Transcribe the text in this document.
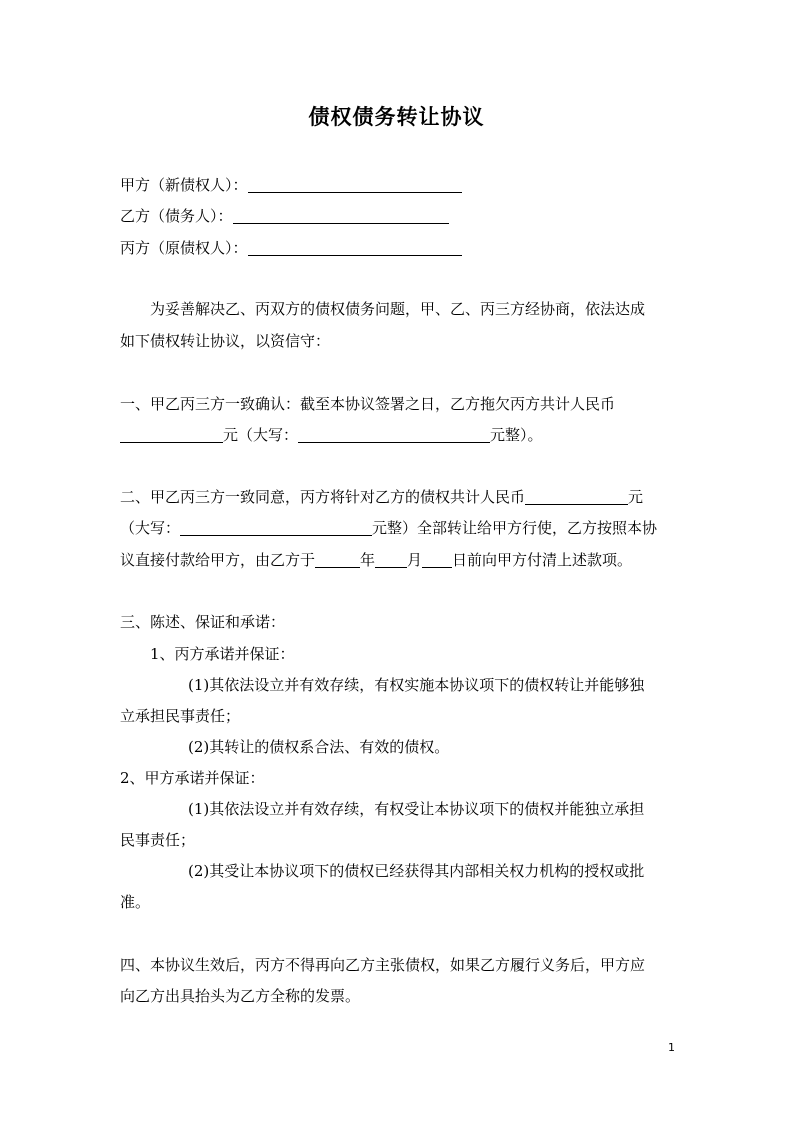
债权债务转让协议
甲方（新债权人）：
乙方（债务人）：
丙方（原债权人）：
为妥善解决乙、丙双方的债权债务问题，甲、乙、丙三方经协商，依法达成
如下债权转让协议，以资信守：
一、甲乙丙三方一致确认：截至本协议签署之日，乙方拖欠丙方共计人民币
元（大写：	元整）。
二、甲乙丙三方一致同意，丙方将针对乙方的债权共计人民币	元
（大写：	元整）全部转让给甲方行使，乙方按照本协
议直接付款给甲方，由乙方于	年 月 日前向甲方付清上述款项。
三、陈述、保证和承诺：
1、丙方承诺并保证：
(1)其依法设立并有效存续，有权实施本协议项下的债权转让并能够独
立承担民事责任；
(2)其转让的债权系合法、有效的债权。
2、甲方承诺并保证：
(1)其依法设立并有效存续，有权受让本协议项下的债权并能独立承担
民事责任；
(2)其受让本协议项下的债权已经获得其内部相关权力机构的授权或批
准。
四、本协议生效后，丙方不得再向乙方主张债权，如果乙方履行义务后，甲方应
向乙方出具抬头为乙方全称的发票。
1
